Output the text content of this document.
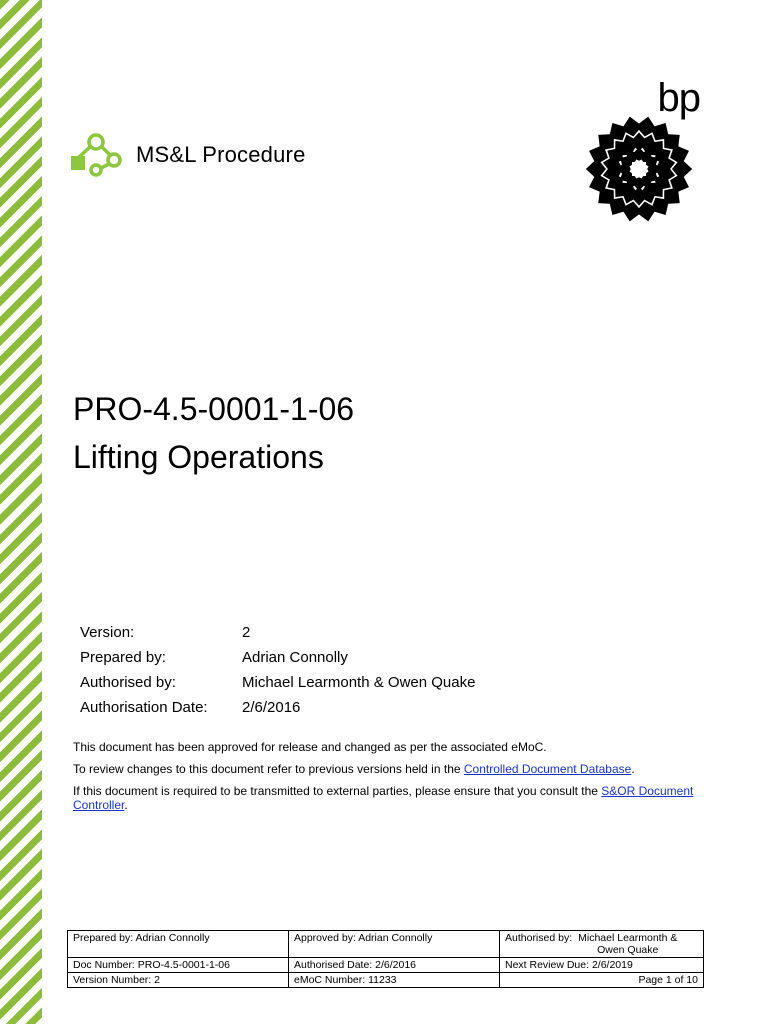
MS&L Procedure
bp
PRO-4.5-0001-1-06
Lifting Operations
Version:	2
Prepared by:	Adrian Connolly
Authorised by:	Michael Learmonth & Owen Quake
Authorisation Date:	2/6/2016

This document has been approved for release and changed as per the associated eMoC.

To review changes to this document refer to previous versions held in the Controlled Document Database.

If this document is required to be transmitted to external parties, please ensure that you consult the S&OR Document Controller.

Prepared by: Adrian Connolly	Approved by: Adrian Connolly	Authorised by: Michael Learmonth &
Owen Quake

Doc Number: PRO-4.5-0001-1-06	Authorised Date: 2/6/2016	Next Review Due: 2/6/2019
Version Number: 2	eMoC Number: 11233	Page 1 of 10
